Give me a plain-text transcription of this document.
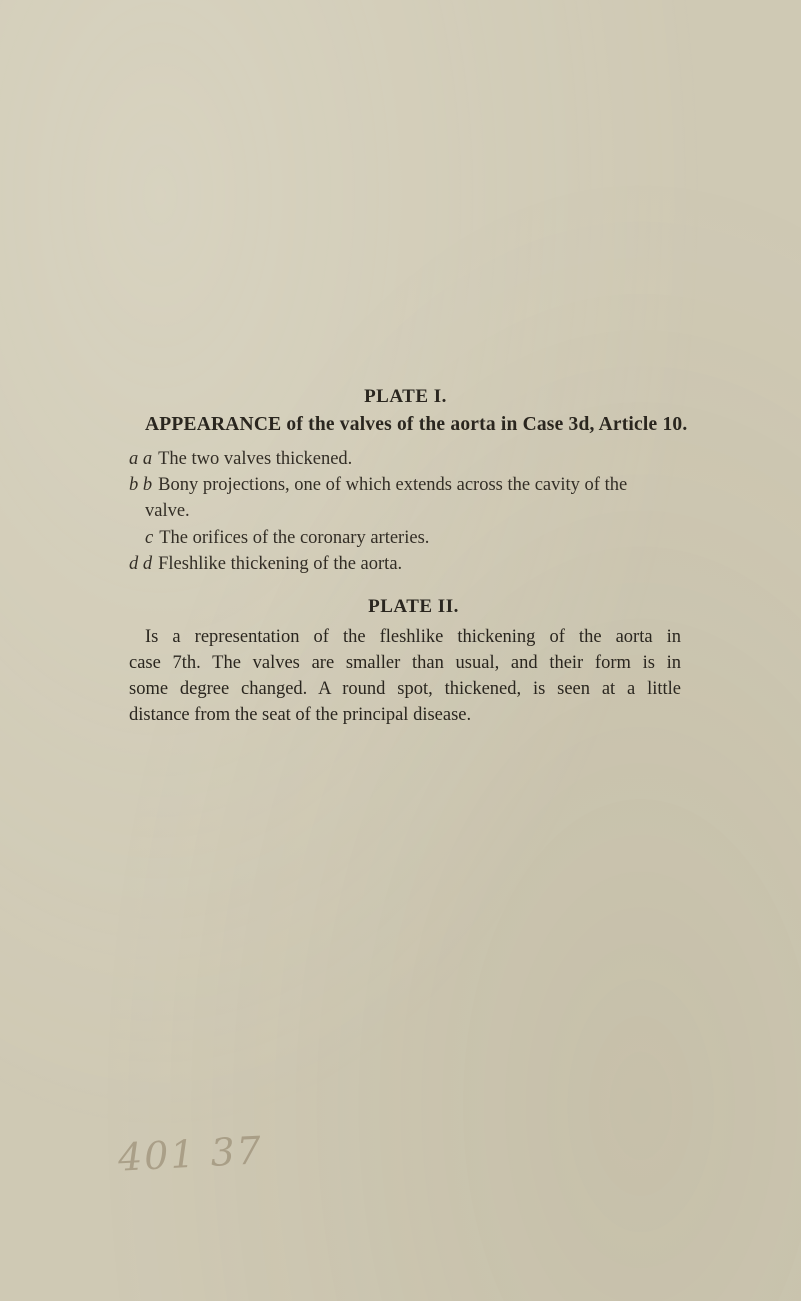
PLATE I.
APPEARANCE of the valves of the aorta in Case 3d, Article 10.
a a The two valves thickened.
b b Bony projections, one of which extends across the cavity of the
valve.
c The orifices of the coronary arteries.
d d Fleshlike thickening of the aorta.
PLATE II.
Is a representation of the fleshlike thickening of the aorta in
case 7th. The valves are smaller than usual, and their form is in
some degree changed. A round spot, thickened, is seen at a little
distance from the seat of the principal disease.
401 37
